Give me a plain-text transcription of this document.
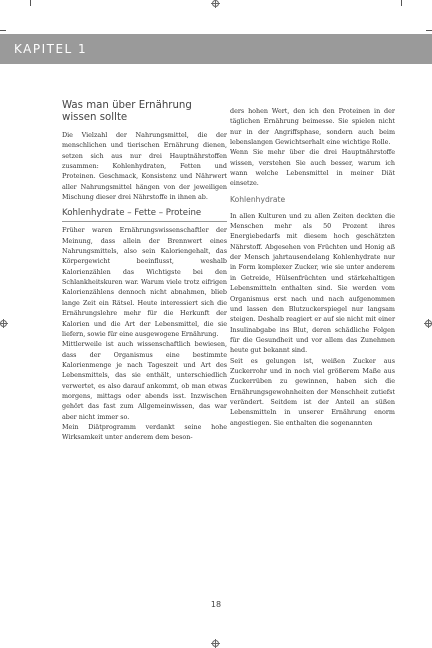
KAPITEL 1
Was man über Ernährung wissen sollte

Die Vielzahl der Nahrungsmittel, die der menschlichen und tierischen Ernährung dienen, setzen sich aus nur drei Hauptnährstoffen zusammen: Kohlenhydraten, Fetten und Proteinen. Geschmack, Konsistenz und Nährwert aller Nahrungsmittel hängen von der jeweiligen Mischung dieser drei Nährstoffe in ihnen ab.

Kohlenhydrate – Fette – Proteine

Früher waren Ernährungswissenschaftler der Meinung, dass allein der Brennwert eines Nahrungsmittels, also sein Kaloriengehalt, das Körpergewicht beeinflusst, weshalb Kalorienzählen das Wichtigste bei den Schlankheitskuren war. Warum viele trotz eifrigen Kalorienzählens dennoch nicht abnahmen, blieb lange Zeit ein Rätsel. Heute interessiert sich die Ernährungslehre mehr für die Herkunft der Kalorien und die Art der Lebensmittel, die sie liefern, sowie für eine ausgewogene Ernährung.

Mittlerweile ist auch wissenschaftlich bewiesen, dass der Organismus eine bestimmte Kalorienmenge je nach Tageszeit und Art des Lebensmittels, das sie enthält, unterschiedlich verwertet, es also darauf ankommt, ob man etwas morgens, mittags oder abends isst. Inzwischen gehört das fast zum Allgemeinwissen, das war aber nicht immer so.

Mein Diätprogramm verdankt seine hohe Wirksamkeit unter anderem dem beson-

ders hohen Wert, den ich den Proteinen in der täglichen Ernährung beimesse. Sie spielen nicht nur in der Angriffsphase, sondern auch beim lebenslangen Gewichtserhalt eine wichtige Rolle.

Wenn Sie mehr über die drei Hauptnährstoffe wissen, verstehen Sie auch besser, warum ich wann welche Lebensmittel in meiner Diät einsetze.

Kohlenhydrate

In allen Kulturen und zu allen Zeiten deckten die Menschen mehr als 50 Prozent ihres Energiebedarfs mit diesem hoch geschätzten Nährstoff. Abgesehen von Früchten und Honig aß der Mensch jahrtausendelang Kohlenhydrate nur in Form komplexer Zucker, wie sie unter anderem in Getreide, Hülsenfrüchten und stärkehaltigen Lebensmitteln enthalten sind. Sie werden vom Organismus erst nach und nach aufgenommen und lassen den Blutzuckerspiegel nur langsam steigen. Deshalb reagiert er auf sie nicht mit einer Insulinabgabe ins Blut, deren schädliche Folgen für die Gesundheit und vor allem das Zunehmen heute gut bekannt sind.

Seit es gelungen ist, weißen Zucker aus Zuckerrohr und in noch viel größerem Maße aus Zuckerrüben zu gewinnen, haben sich die Ernährungsgewohnheiten der Menschheit zutiefst verändert. Seitdem ist der Anteil an süßen Lebensmitteln in unserer Ernährung enorm angestiegen. Sie enthalten die sogenannten

18
